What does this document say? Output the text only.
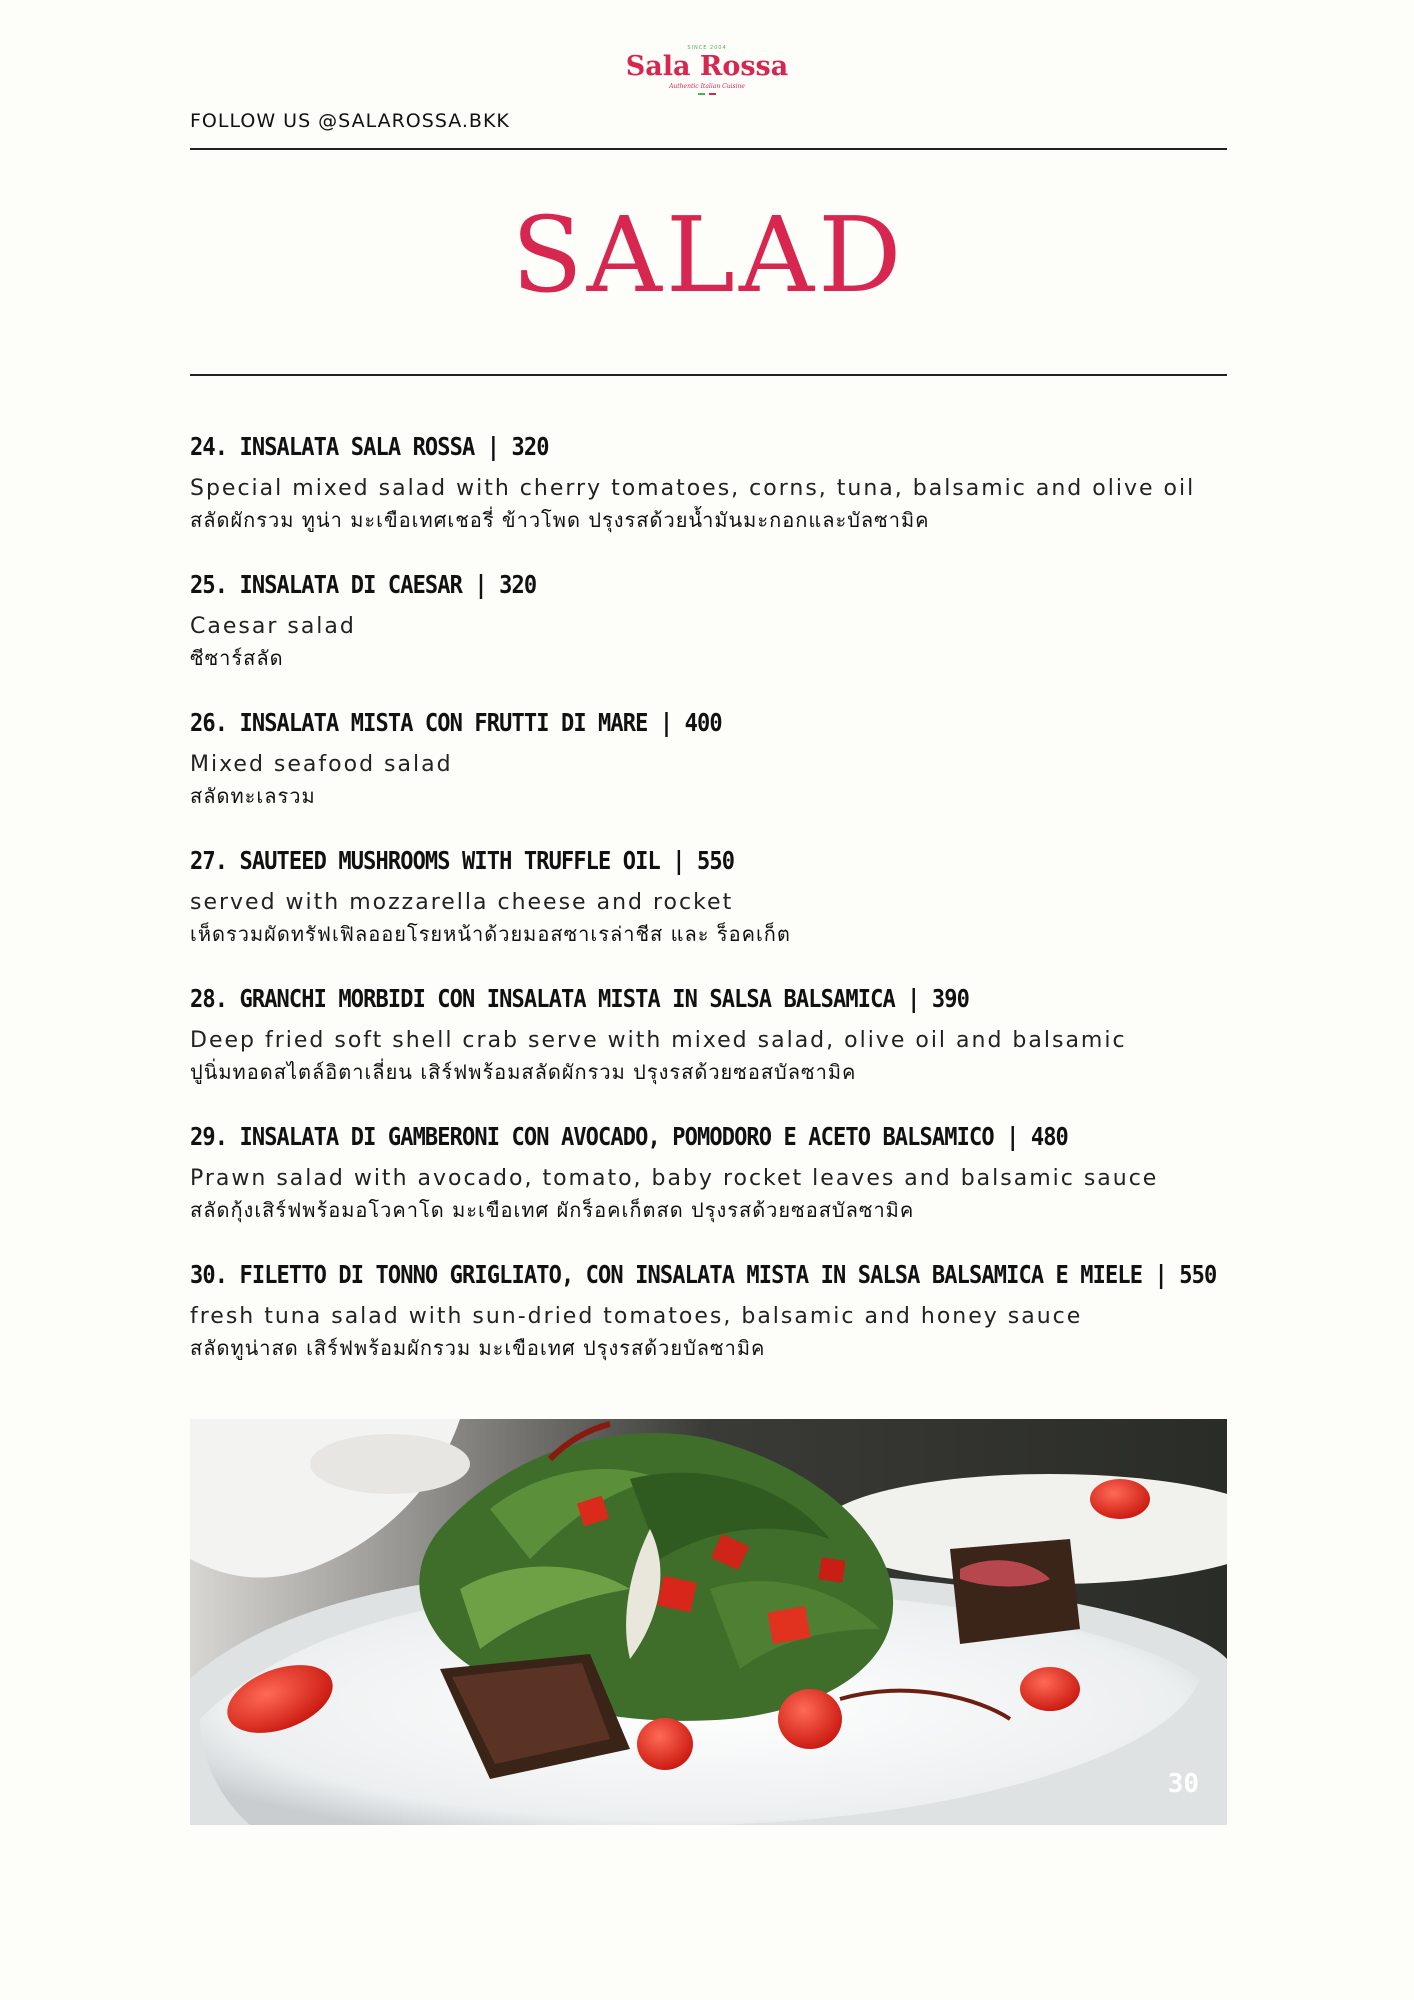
SINCE 2004
Sala Rossa
Authentic Italian Cuisine
FOLLOW US @SALAROSSA.BKK
SALAD
24. INSALATA SALA ROSSA | 320
Special mixed salad with cherry tomatoes, corns, tuna, balsamic and olive oil
สลัดผักรวม ทูน่า มะเขือเทศเชอรี่ ข้าวโพด ปรุงรสด้วยน้ำมันมะกอกและบัลซามิค
25. INSALATA DI CAESAR | 320
Caesar salad
ซีซาร์สลัด
26. INSALATA MISTA CON FRUTTI DI MARE | 400
Mixed seafood salad
สลัดทะเลรวม
27. SAUTEED MUSHROOMS WITH TRUFFLE OIL | 550
served with mozzarella cheese and rocket
เห็ดรวมผัดทรัฟเฟิลออยโรยหน้าด้วยมอสซาเรล่าชีส และ ร็อคเก็ต
28. GRANCHI MORBIDI CON INSALATA MISTA IN SALSA BALSAMICA | 390
Deep fried soft shell crab serve with mixed salad, olive oil and balsamic
ปูนิ่มทอดสไตล์อิตาเลี่ยน เสิร์ฟพร้อมสลัดผักรวม ปรุงรสด้วยซอสบัลซามิค
29. INSALATA DI GAMBERONI CON AVOCADO, POMODORO E ACETO BALSAMICO | 480
Prawn salad with avocado, tomato, baby rocket leaves and balsamic sauce
สลัดกุ้งเสิร์ฟพร้อมอโวคาโด มะเขือเทศ ผักร็อคเก็ตสด ปรุงรสด้วยซอสบัลซามิค
30. FILETTO DI TONNO GRIGLIATO, CON INSALATA MISTA IN SALSA BALSAMICA E MIELE | 550
fresh tuna salad with sun-dried tomatoes, balsamic and honey sauce
สลัดทูน่าสด เสิร์ฟพร้อมผักรวม มะเขือเทศ ปรุงรสด้วยบัลซามิค
30
